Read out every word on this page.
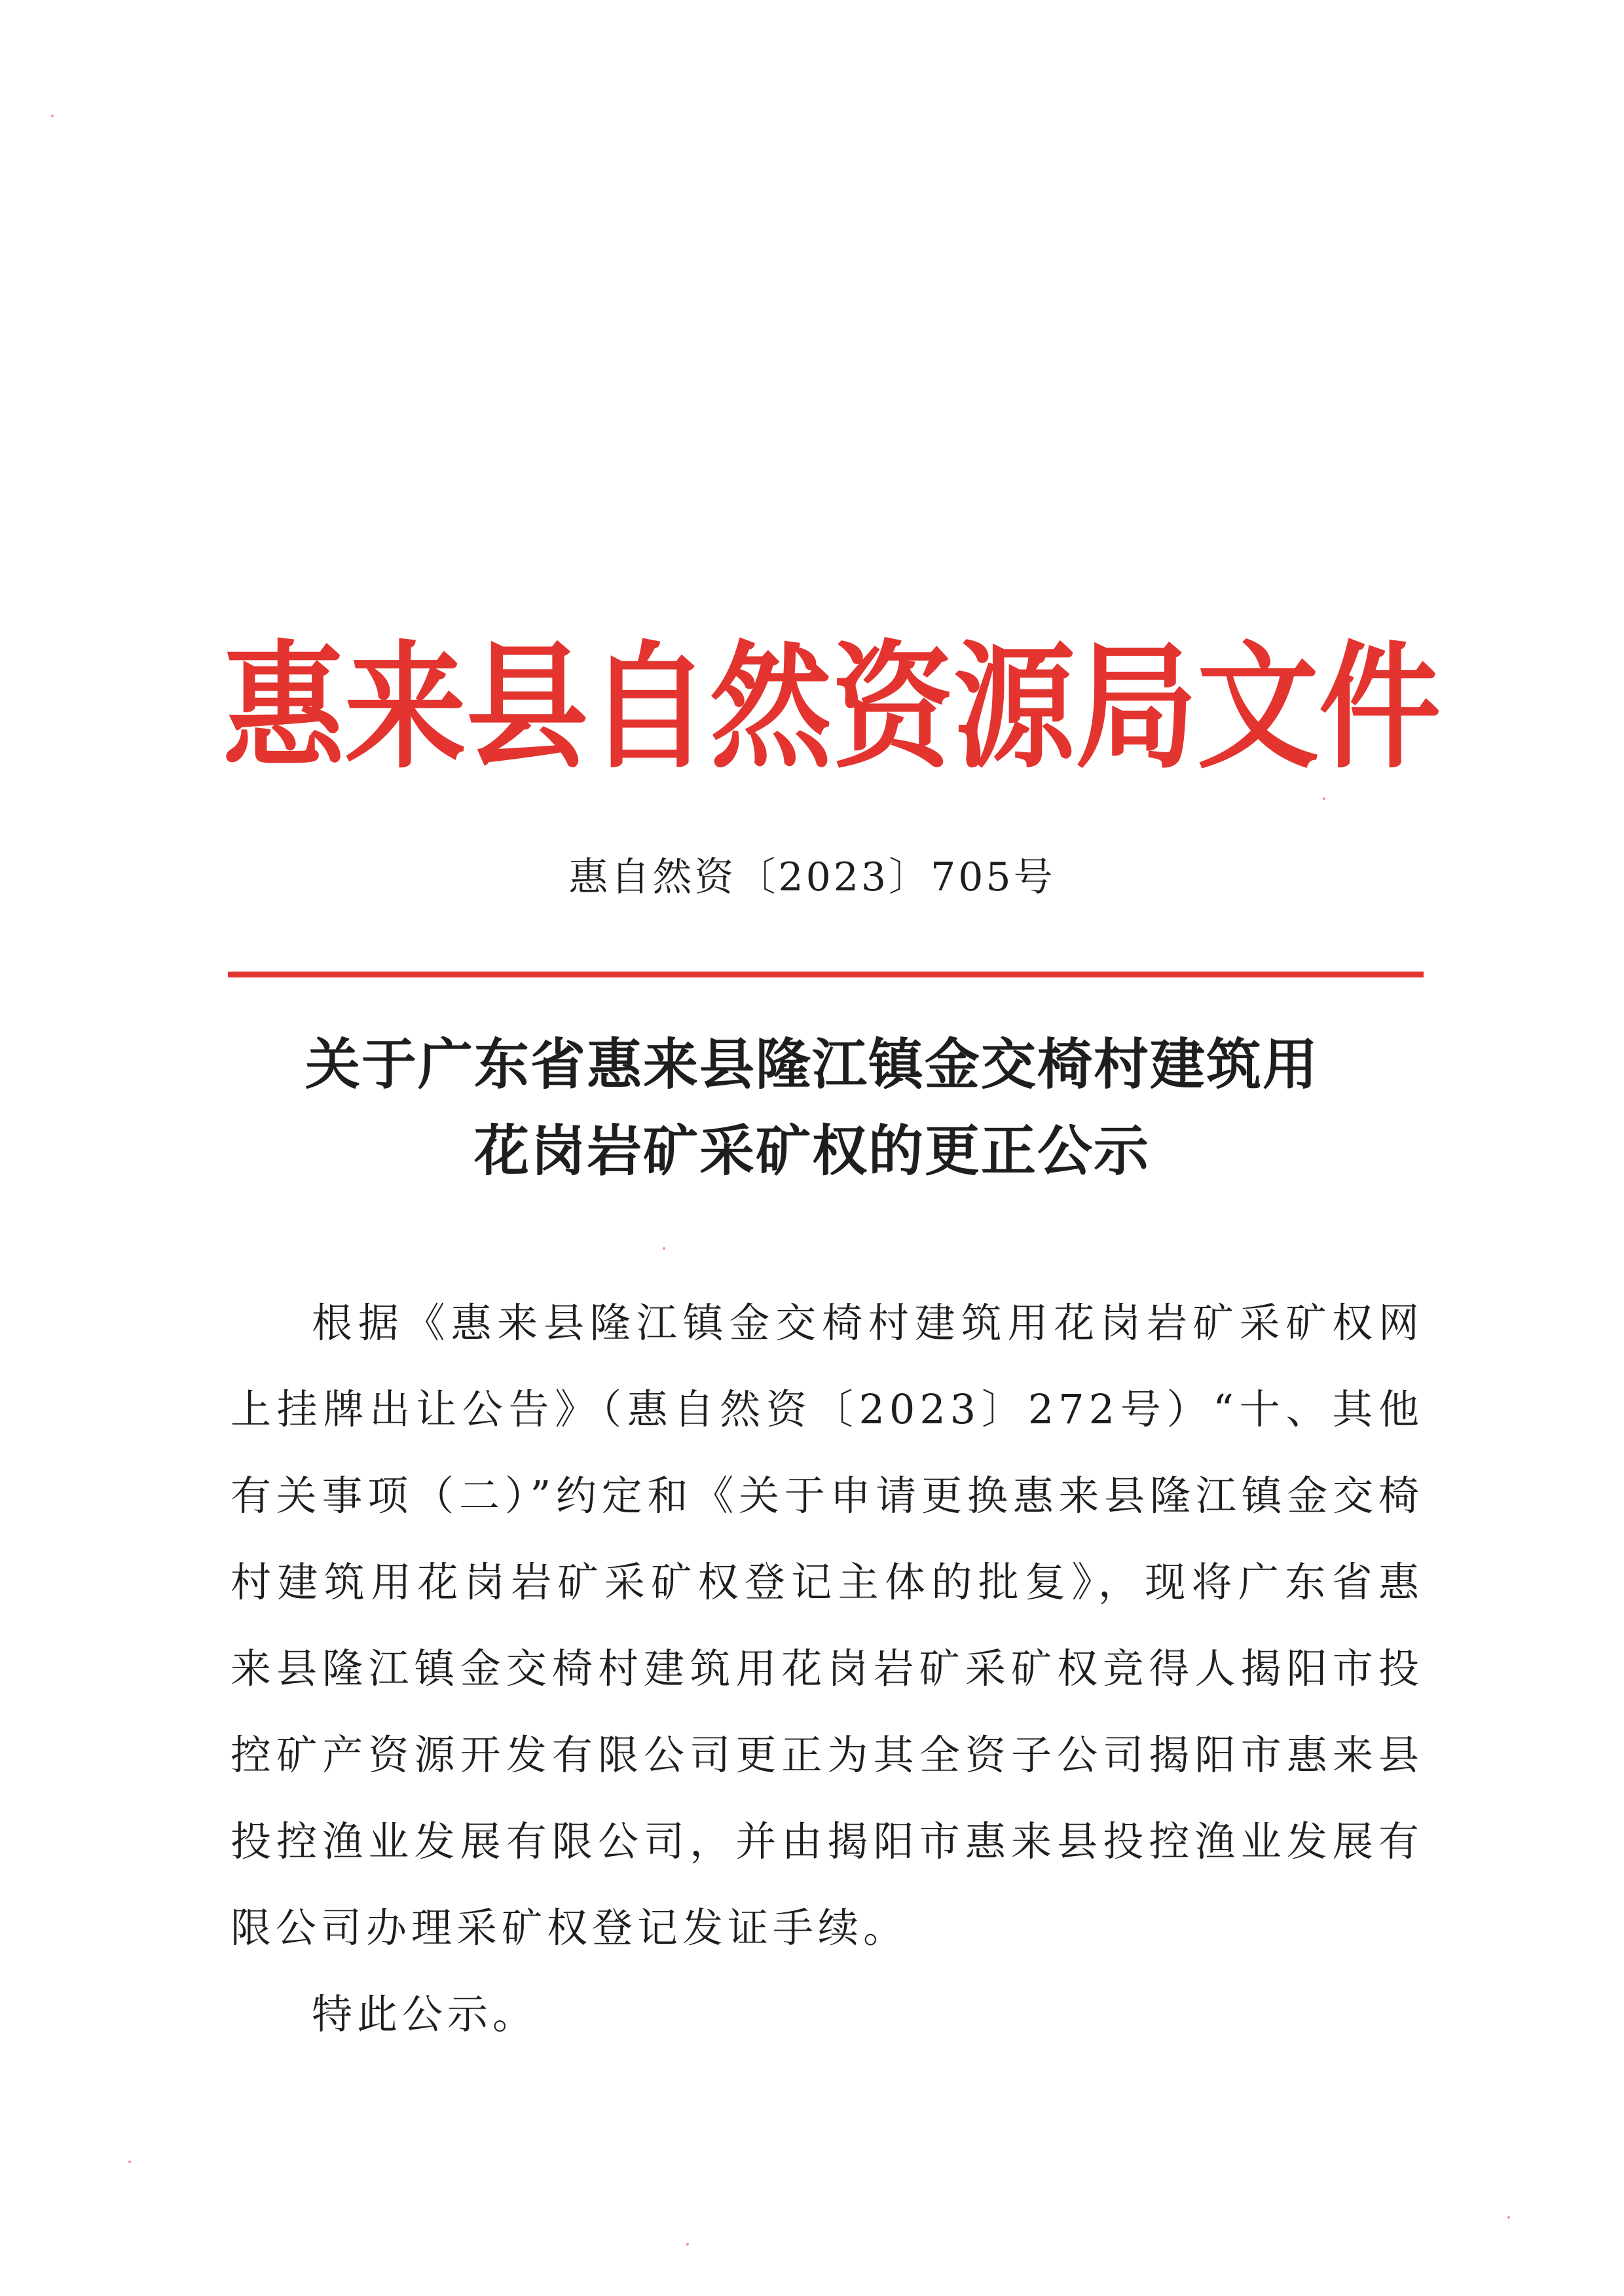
惠来县自然资源局文件
惠自然资〔2023〕705号
关于广东省惠来县隆江镇金交椅村建筑用
花岗岩矿采矿权的更正公示

根据《惠来县隆江镇金交椅村建筑用花岗岩矿采矿权网上挂牌出让公告》（惠自然资〔2023〕272号）“十、其他有关事项（二）”约定和《关于申请更换惠来县隆江镇金交椅村建筑用花岗岩矿采矿权登记主体的批复》，现将广东省惠来县隆江镇金交椅村建筑用花岗岩矿采矿权竞得人揭阳市投控矿产资源开发有限公司更正为其全资子公司揭阳市惠来县投控渔业发展有限公司，并由揭阳市惠来县投控渔业发展有限公司办理采矿权登记发证手续。

特此公示。
